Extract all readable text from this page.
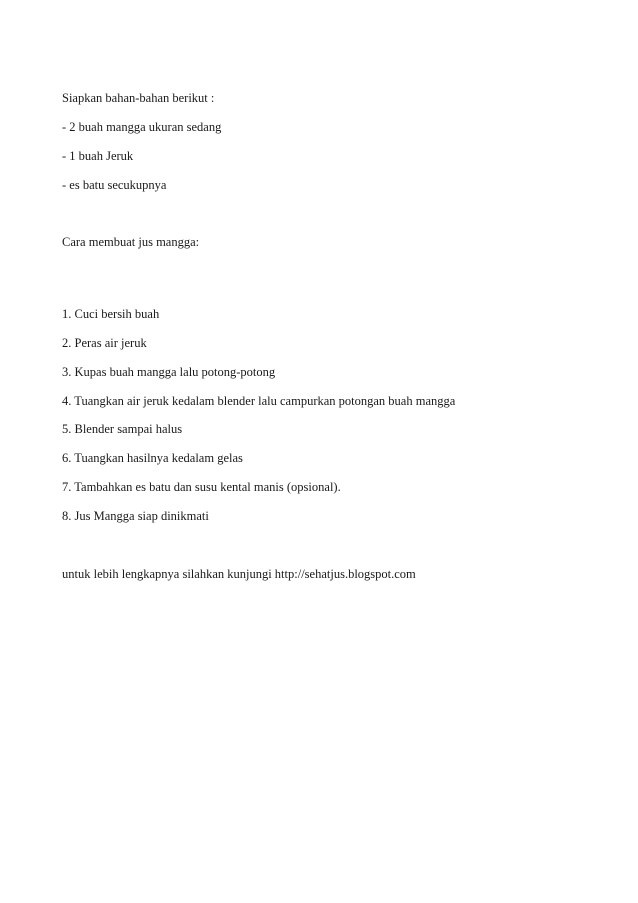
Siapkan bahan-bahan berikut :
- 2 buah mangga ukuran sedang
- 1 buah Jeruk
- es batu secukupnya
Cara membuat jus mangga:
1. Cuci bersih buah
2. Peras air jeruk
3. Kupas buah mangga lalu potong-potong
4. Tuangkan air jeruk kedalam blender lalu campurkan potongan buah mangga
5. Blender sampai halus
6. Tuangkan hasilnya kedalam gelas
7. Tambahkan es batu dan susu kental manis (opsional).
8. Jus Mangga siap dinikmati
untuk lebih lengkapnya silahkan kunjungi http://sehatjus.blogspot.com
